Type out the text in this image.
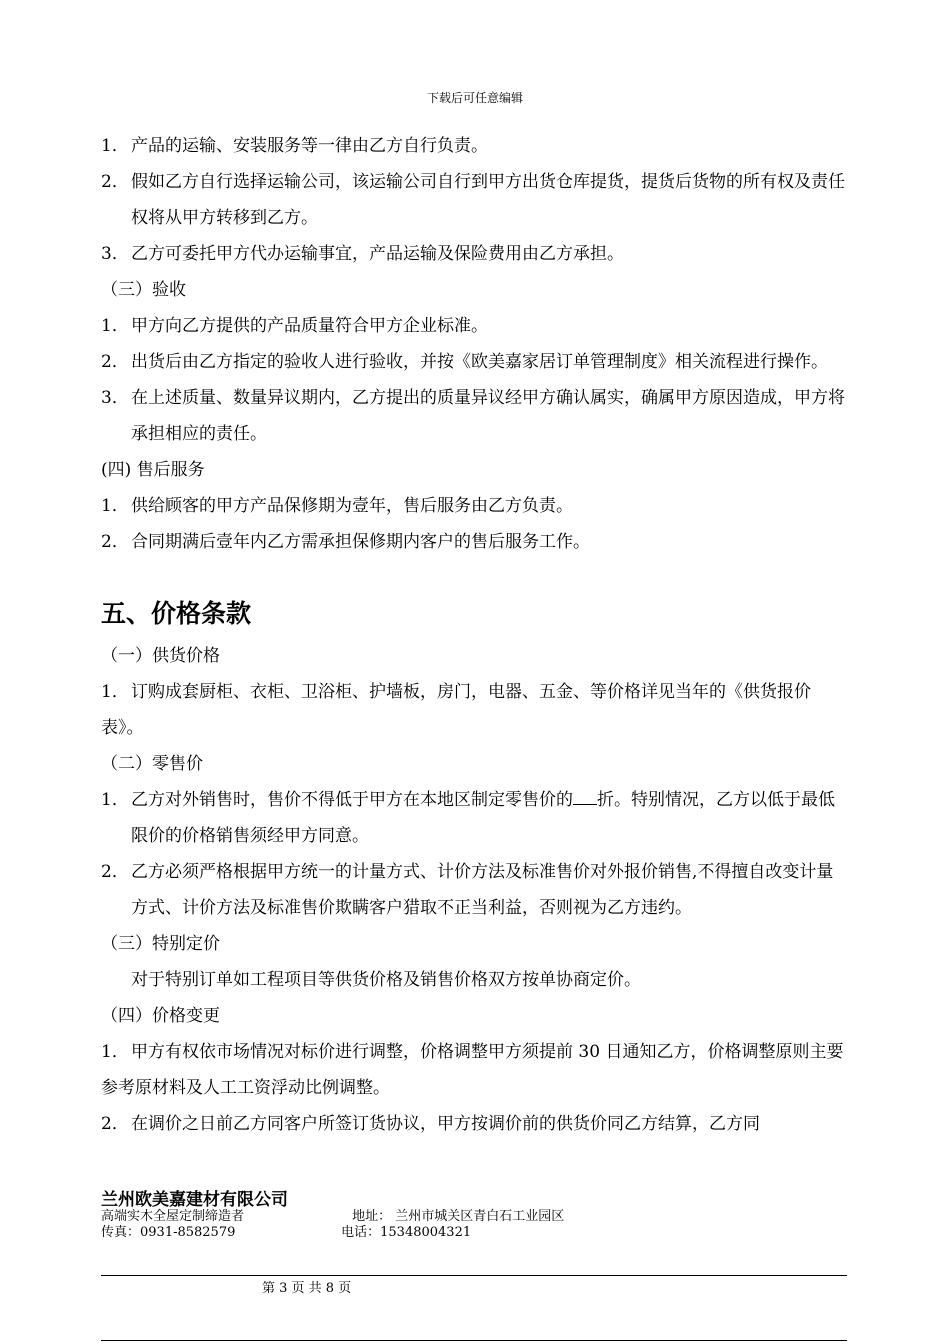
下载后可任意编辑
1． 产品的运输、安装服务等一律由乙方自行负责。
2． 假如乙方自行选择运输公司，该运输公司自行到甲方出货仓库提货，提货后货物的所有权及责任权将从甲方转移到乙方。
3． 乙方可委托甲方代办运输事宜，产品运输及保险费用由乙方承担。
（三）验收
1． 甲方向乙方提供的产品质量符合甲方企业标准。
2． 出货后由乙方指定的验收人进行验收，并按《欧美嘉家居订单管理制度》相关流程进行操作。
3． 在上述质量、数量异议期内，乙方提出的质量异议经甲方确认属实，确属甲方原因造成，甲方将承担相应的责任。
(四) 售后服务
1． 供给顾客的甲方产品保修期为壹年，售后服务由乙方负责。
2． 合同期满后壹年内乙方需承担保修期内客户的售后服务工作。
五、价格条款
（一）供货价格
1． 订购成套厨柜、衣柜、卫浴柜、护墙板，房门，电器、五金、等价格详见当年的《供货报价表》。
（二）零售价
1． 乙方对外销售时，售价不得低于甲方在本地区制定零售价的 折。特别情况，乙方以低于最低限价的价格销售须经甲方同意。
2． 乙方必须严格根据甲方统一的计量方式、计价方法及标准售价对外报价销售,不得擅自改变计量方式、计价方法及标准售价欺瞒客户猎取不正当利益，否则视为乙方违约。
（三）特别定价
对于特别订单如工程项目等供货价格及销售价格双方按单协商定价。
（四）价格变更
1． 甲方有权依市场情况对标价进行调整，价格调整甲方须提前 30 日通知乙方，价格调整原则主要参考原材料及人工工资浮动比例调整。
2． 在调价之日前乙方同客户所签订货协议，甲方按调价前的供货价同乙方结算，乙方同
兰州欧美嘉建材有限公司
高端实木全屋定制缔造者	地址： 兰州市城关区青白石工业园区
传真：0931-8582579	电话：15348004321
第 3 页 共 8 页
